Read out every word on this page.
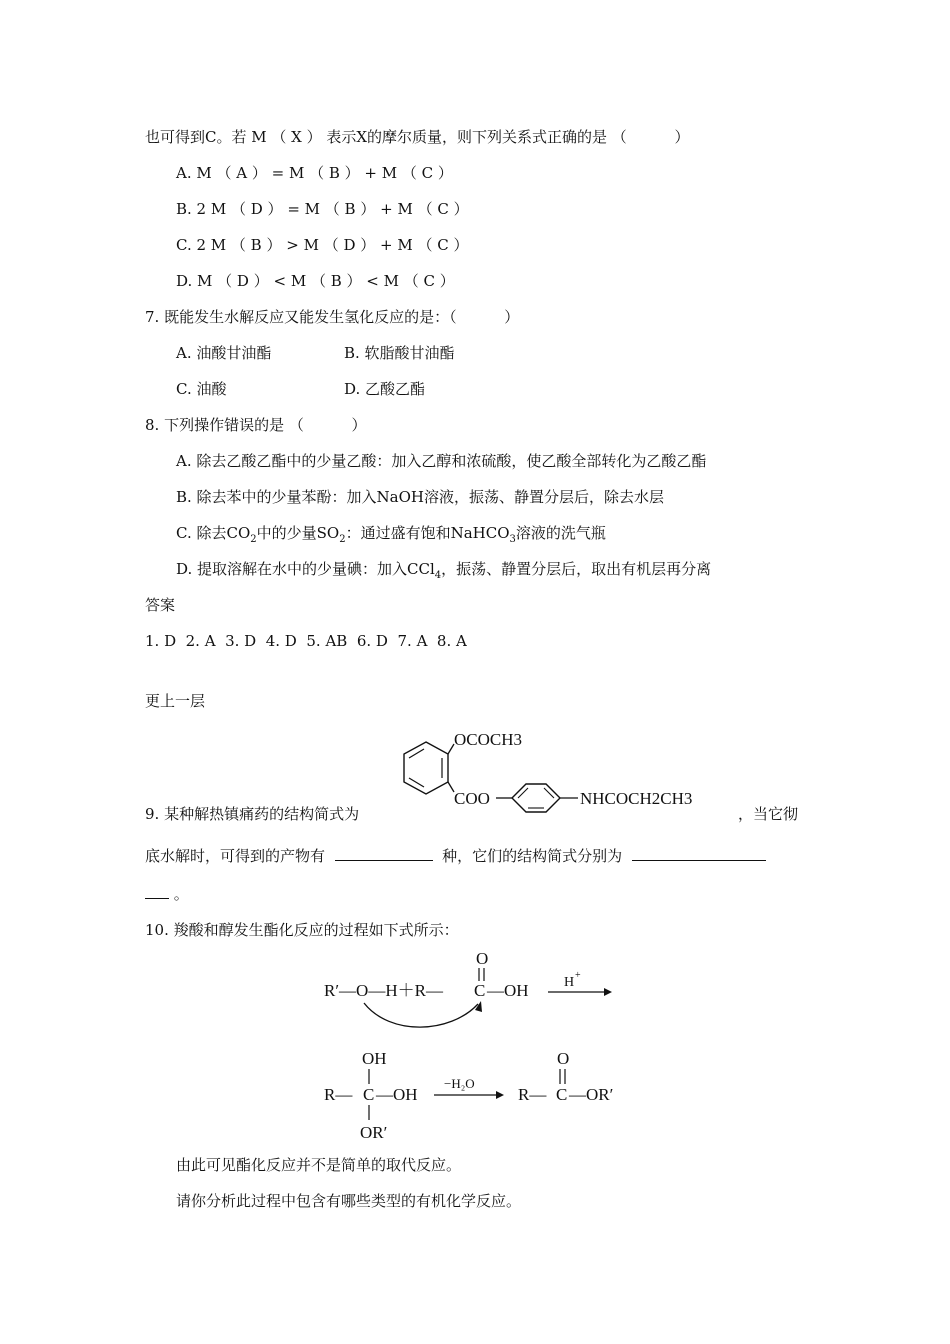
也可得到C。若 M （ X ） 表示X的摩尔质量，则下列关系式正确的是 （          ）
A. M （ A ） = M （ B ） + M （ C ）
B. 2 M （ D ） = M （ B ） + M （ C ）
C. 2 M （ B ） > M （ D ） + M （ C ）
D. M （ D ） < M （ B ） < M （ C ）
7. 既能发生水解反应又能发生氢化反应的是：（          ）
A. 油酸甘油酯	B. 软脂酸甘油酯
C. 油酸	D. 乙酸乙酯
8. 下列操作错误的是 （          ）
A. 除去乙酸乙酯中的少量乙酸：加入乙醇和浓硫酸，使乙酸全部转化为乙酸乙酯
B. 除去苯中的少量苯酚：加入NaOH溶液，振荡、静置分层后，除去水层
C. 除去$CO_2$中的少量$SO_2$：通过盛有饱和NaHCO$_3$溶液的洗气瓶
D. 提取溶解在水中的少量碘：加入CCl$_4$，振荡、静置分层后，取出有机层再分离
答案
1. D  2. A  3. D  4. D  5. AB  6. D  7. A  8. A
更上一层
OCOCH3
COO	NHCOCH2CH3
9. 某种解热镇痛药的结构简式为	，当它彻
底水解时，可得到的产物有	种，它们的结构简式分别为
。
10. 羧酸和醇发生酯化反应的过程如下式所示：
R′—O—H＋R—
O
C —OH	H +
OH
R— C —OH
OR′
−H₂O
R—
O
C —OR′
由此可见酯化反应并不是简单的取代反应。
请你分析此过程中包含有哪些类型的有机化学反应。
